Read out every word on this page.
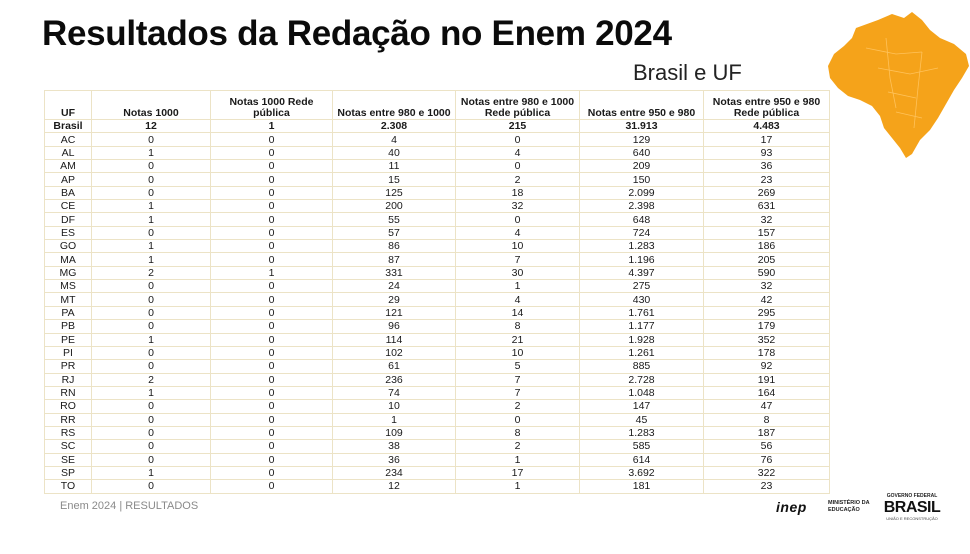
Resultados da Redação no Enem 2024
Brasil e UF
UF	Notas 1000	Notas 1000 Rede pública	Notas entre 980 e 1000	Notas entre 980 e 1000 Rede pública	Notas entre 950 e 980	Notas entre 950 e 980 Rede pública
Brasil	12	1	2.308	215	31.913	4.483
AC	0	0	4	0	129	17
AL	1	0	40	4	640	93
AM	0	0	11	0	209	36
AP	0	0	15	2	150	23
BA	0	0	125	18	2.099	269
CE	1	0	200	32	2.398	631
DF	1	0	55	0	648	32
ES	0	0	57	4	724	157
GO	1	0	86	10	1.283	186
MA	1	0	87	7	1.196	205
MG	2	1	331	30	4.397	590
MS	0	0	24	1	275	32
MT	0	0	29	4	430	42
PA	0	0	121	14	1.761	295
PB	0	0	96	8	1.177	179
PE	1	0	114	21	1.928	352
PI	0	0	102	10	1.261	178
PR	0	0	61	5	885	92
RJ	2	0	236	7	2.728	191
RN	1	0	74	7	1.048	164
RO	0	0	10	2	147	47
RR	0	0	1	0	45	8
RS	0	0	109	8	1.283	187
SC	0	0	38	2	585	56
SE	0	0	36	1	614	76
SP	1	0	234	17	3.692	322
TO	0	0	12	1	181	23
Enem 2024 | RESULTADOS	inep	MINISTÉRIO DA
EDUCAÇÃO
GOVERNO FEDERAL
BRASIL
UNIÃO E RECONSTRUÇÃO
